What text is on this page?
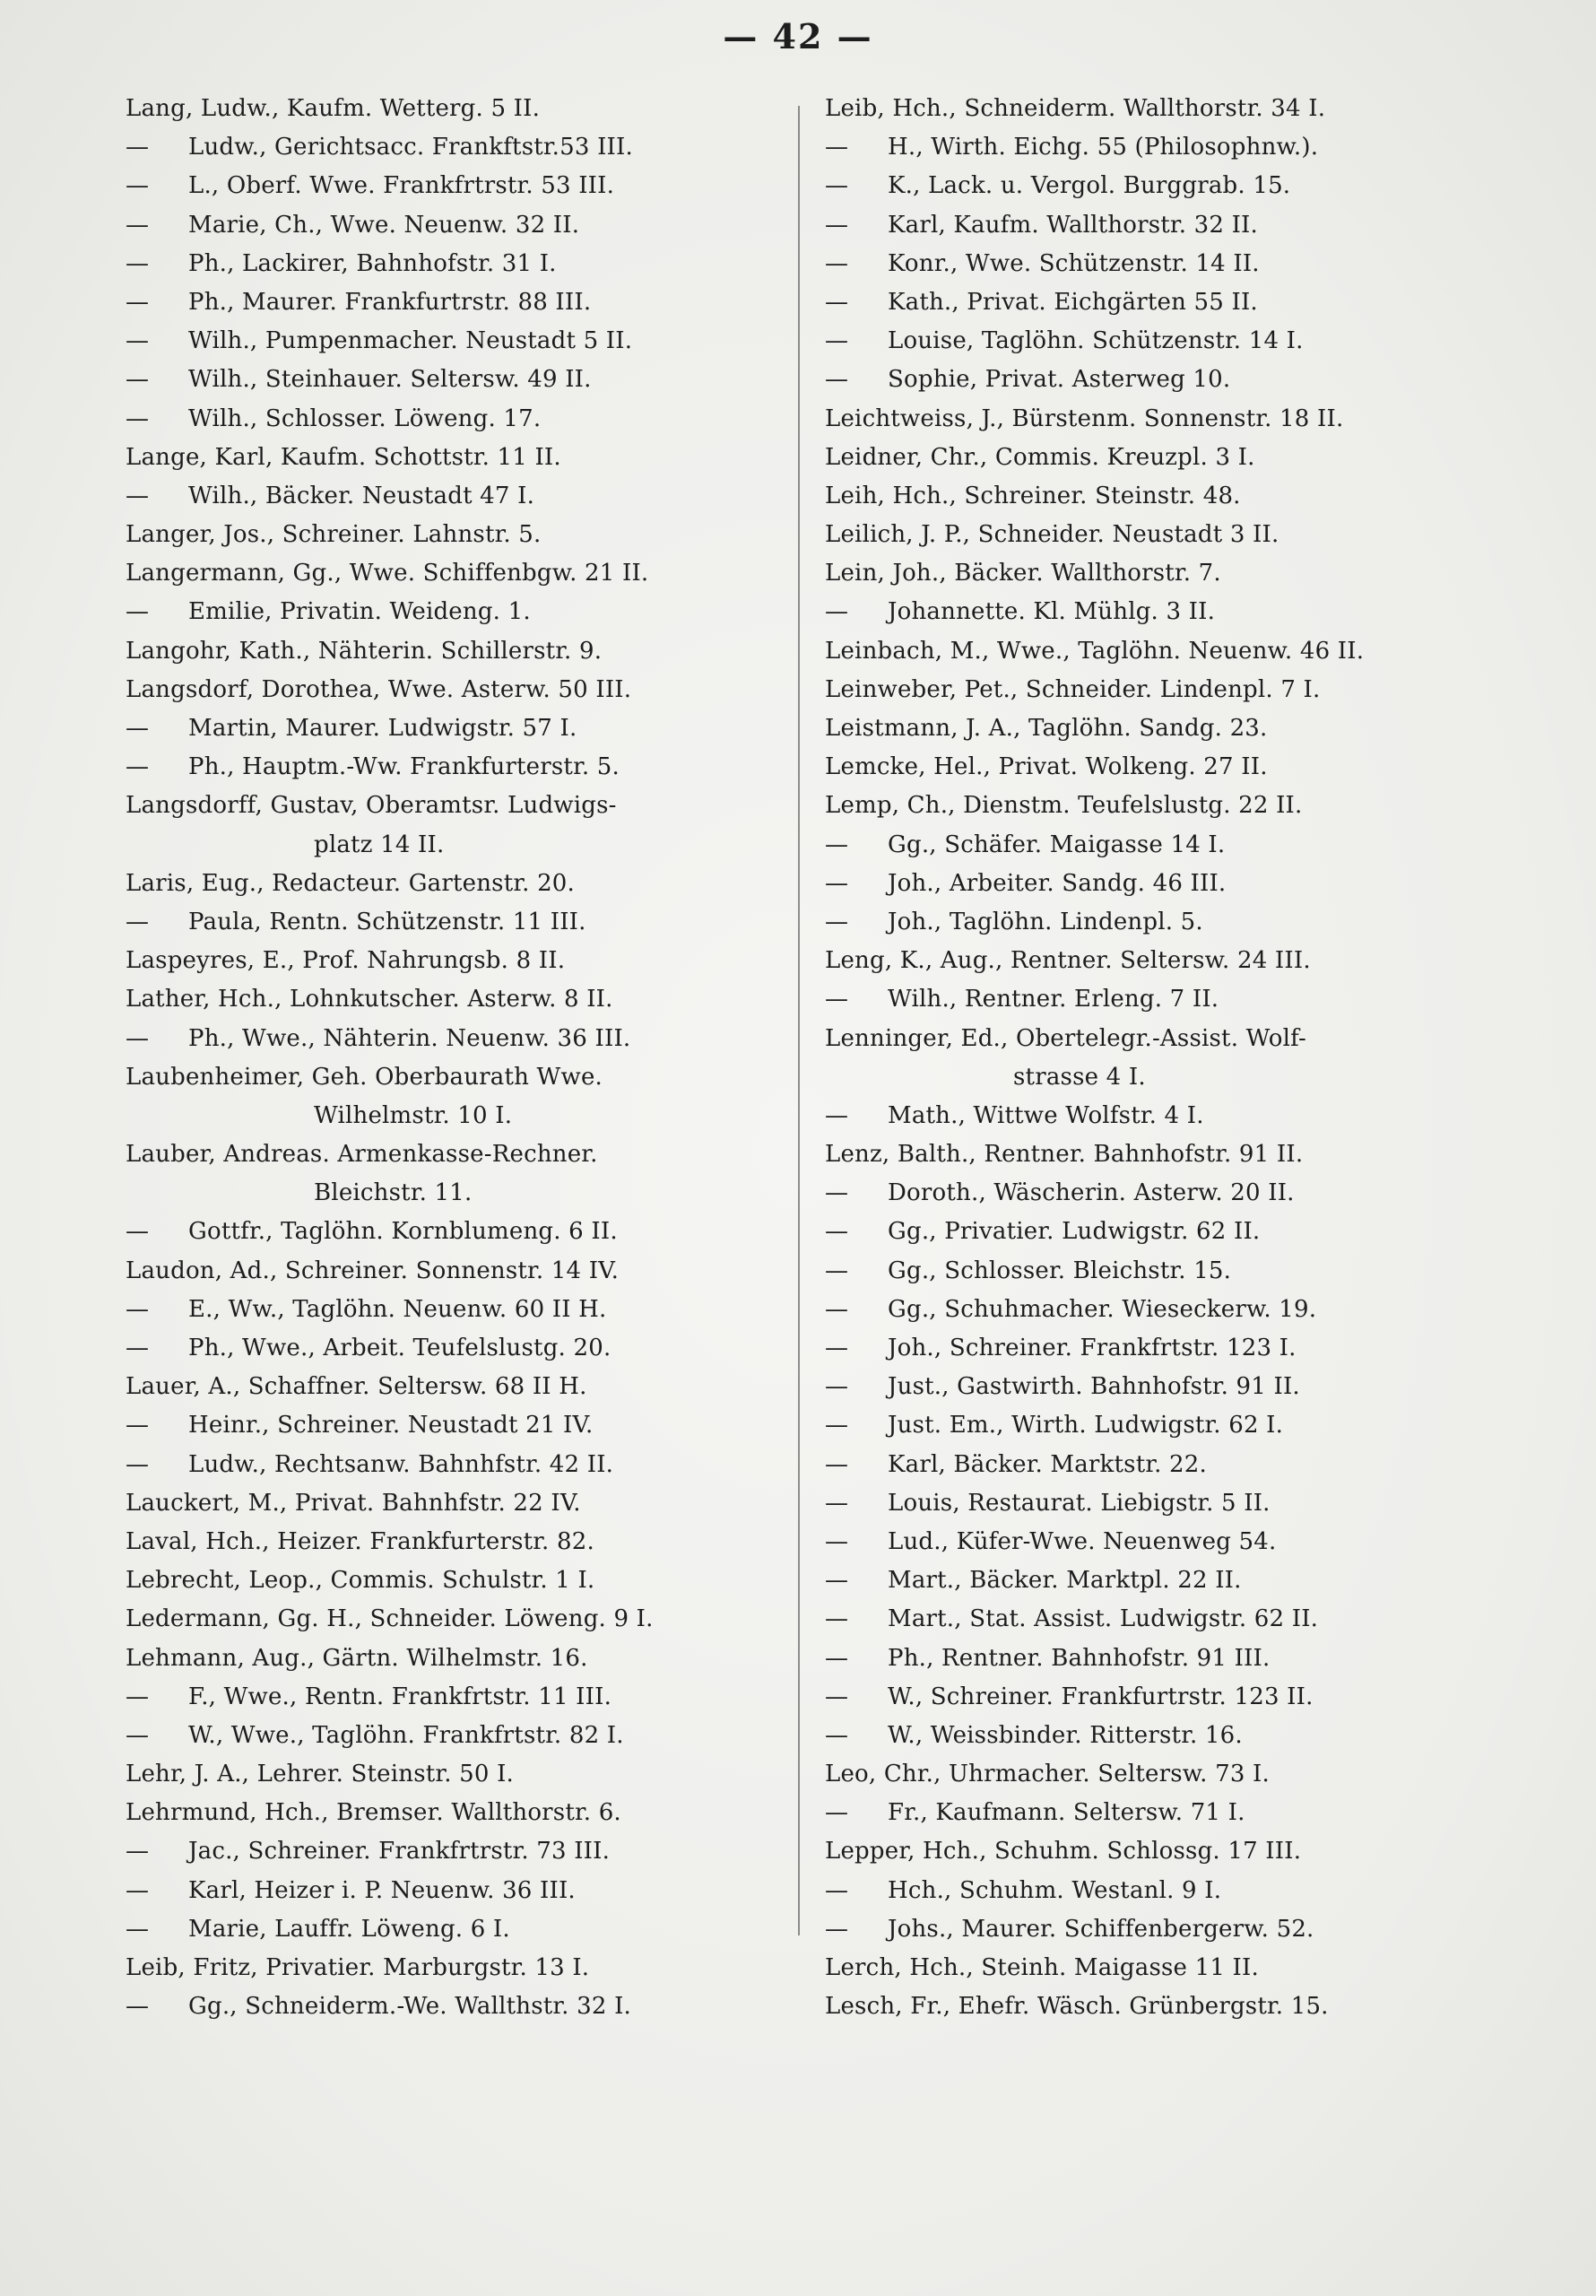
— 42 —
Lang, Ludw., Kaufm. Wetterg. 5 II.
— Ludw., Gerichtsacc. Frankftstr.53 III.
— L., Oberf. Wwe. Frankfrtrstr. 53 III.
— Marie, Ch., Wwe. Neuenw. 32 II.
— Ph., Lackirer, Bahnhofstr. 31 I.
— Ph., Maurer. Frankfurtrstr. 88 III.
— Wilh., Pumpenmacher. Neustadt 5 II.
— Wilh., Steinhauer. Seltersw. 49 II.
— Wilh., Schlosser. Löweng. 17.
Lange, Karl, Kaufm. Schottstr. 11 II.
— Wilh., Bäcker. Neustadt 47 I.
Langer, Jos., Schreiner. Lahnstr. 5.
Langermann, Gg., Wwe. Schiffenbgw. 21 II.
— Emilie, Privatin. Weideng. 1.
Langohr, Kath., Nähterin. Schillerstr. 9.
Langsdorf, Dorothea, Wwe. Asterw. 50 III.
— Martin, Maurer. Ludwigstr. 57 I.
— Ph., Hauptm.-Ww. Frankfurterstr. 5.
Langsdorff, Gustav, Oberamtsr. Ludwigs-
platz 14 II.
Laris, Eug., Redacteur. Gartenstr. 20.
— Paula, Rentn. Schützenstr. 11 III.
Laspeyres, E., Prof. Nahrungsb. 8 II.
Lather, Hch., Lohnkutscher. Asterw. 8 II.
— Ph., Wwe., Nähterin. Neuenw. 36 III.
Laubenheimer, Geh. Oberbaurath Wwe.
Wilhelmstr. 10 I.
Lauber, Andreas. Armenkasse-Rechner.
Bleichstr. 11.
— Gottfr., Taglöhn. Kornblumeng. 6 II.
Laudon, Ad., Schreiner. Sonnenstr. 14 IV.
— E., Ww., Taglöhn. Neuenw. 60 II H.
— Ph., Wwe., Arbeit. Teufelslustg. 20.
Lauer, A., Schaffner. Seltersw. 68 II H.
— Heinr., Schreiner. Neustadt 21 IV.
— Ludw., Rechtsanw. Bahnhfstr. 42 II.
Lauckert, M., Privat. Bahnhfstr. 22 IV.
Laval, Hch., Heizer. Frankfurterstr. 82.
Lebrecht, Leop., Commis. Schulstr. 1 I.
Ledermann, Gg. H., Schneider. Löweng. 9 I.
Lehmann, Aug., Gärtn. Wilhelmstr. 16.
— F., Wwe., Rentn. Frankfrtstr. 11 III.
— W., Wwe., Taglöhn. Frankfrtstr. 82 I.
Lehr, J. A., Lehrer. Steinstr. 50 I.
Lehrmund, Hch., Bremser. Wallthorstr. 6.
— Jac., Schreiner. Frankfrtrstr. 73 III.
— Karl, Heizer i. P. Neuenw. 36 III.
— Marie, Lauffr. Löweng. 6 I.
Leib, Fritz, Privatier. Marburgstr. 13 I.
— Gg., Schneiderm.-We. Wallthstr. 32 I.
Leib, Hch., Schneiderm. Wallthorstr. 34 I.
— H., Wirth. Eichg. 55 (Philosophnw.).
— K., Lack. u. Vergol. Burggrab. 15.
— Karl, Kaufm. Wallthorstr. 32 II.
— Konr., Wwe. Schützenstr. 14 II.
— Kath., Privat. Eichgärten 55 II.
— Louise, Taglöhn. Schützenstr. 14 I.
— Sophie, Privat. Asterweg 10.
Leichtweiss, J., Bürstenm. Sonnenstr. 18 II.
Leidner, Chr., Commis. Kreuzpl. 3 I.
Leih, Hch., Schreiner. Steinstr. 48.
Leilich, J. P., Schneider. Neustadt 3 II.
Lein, Joh., Bäcker. Wallthorstr. 7.
— Johannette. Kl. Mühlg. 3 II.
Leinbach, M., Wwe., Taglöhn. Neuenw. 46 II.
Leinweber, Pet., Schneider. Lindenpl. 7 I.
Leistmann, J. A., Taglöhn. Sandg. 23.
Lemcke, Hel., Privat. Wolkeng. 27 II.
Lemp, Ch., Dienstm. Teufelslustg. 22 II.
— Gg., Schäfer. Maigasse 14 I.
— Joh., Arbeiter. Sandg. 46 III.
— Joh., Taglöhn. Lindenpl. 5.
Leng, K., Aug., Rentner. Seltersw. 24 III.
— Wilh., Rentner. Erleng. 7 II.
Lenninger, Ed., Obertelegr.-Assist. Wolf-
strasse 4 I.
— Math., Wittwe Wolfstr. 4 I.
Lenz, Balth., Rentner. Bahnhofstr. 91 II.
— Doroth., Wäscherin. Asterw. 20 II.
— Gg., Privatier. Ludwigstr. 62 II.
— Gg., Schlosser. Bleichstr. 15.
— Gg., Schuhmacher. Wieseckerw. 19.
— Joh., Schreiner. Frankfrtstr. 123 I.
— Just., Gastwirth. Bahnhofstr. 91 II.
— Just. Em., Wirth. Ludwigstr. 62 I.
— Karl, Bäcker. Marktstr. 22.
— Louis, Restaurat. Liebigstr. 5 II.
— Lud., Küfer-Wwe. Neuenweg 54.
— Mart., Bäcker. Marktpl. 22 II.
— Mart., Stat. Assist. Ludwigstr. 62 II.
— Ph., Rentner. Bahnhofstr. 91 III.
— W., Schreiner. Frankfurtrstr. 123 II.
— W., Weissbinder. Ritterstr. 16.
Leo, Chr., Uhrmacher. Seltersw. 73 I.
— Fr., Kaufmann. Seltersw. 71 I.
Lepper, Hch., Schuhm. Schlossg. 17 III.
— Hch., Schuhm. Westanl. 9 I.
— Johs., Maurer. Schiffenbergerw. 52.
Lerch, Hch., Steinh. Maigasse 11 II.
Lesch, Fr., Ehefr. Wäsch. Grünbergstr. 15.
